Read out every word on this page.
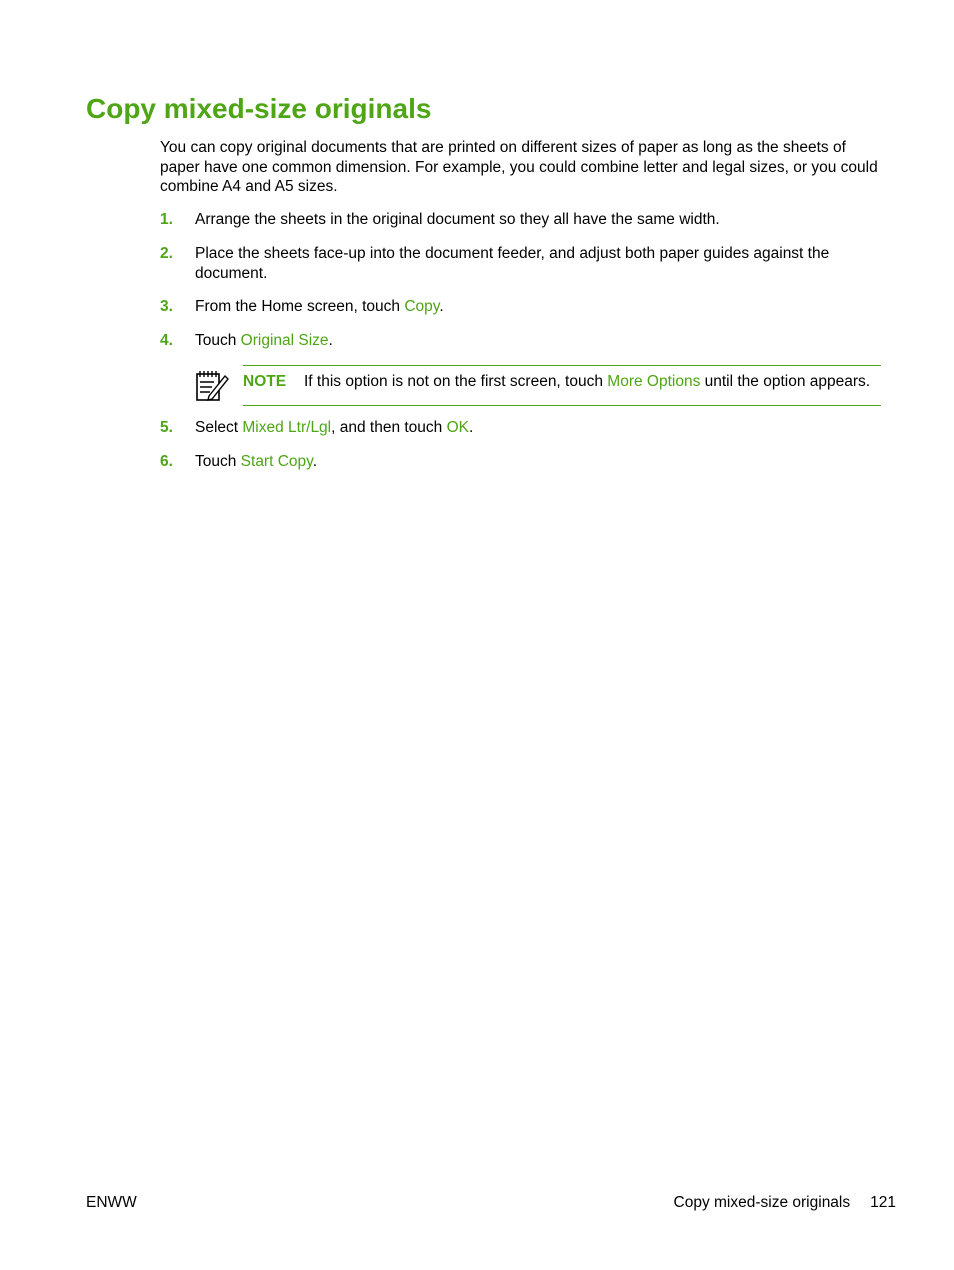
Copy mixed-size originals

You can copy original documents that are printed on different sizes of paper as long as the sheets of paper have one common dimension. For example, you could combine letter and legal sizes, or you could combine A4 and A5 sizes.

1. Arrange the sheets in the original document so they all have the same width.
2. Place the sheets face-up into the document feeder, and adjust both paper guides against the document.
3. From the Home screen, touch Copy.
4. Touch Original Size.
NOTE If this option is not on the first screen, touch More Options until the option appears.
5. Select Mixed Ltr/Lgl, and then touch OK.
6. Touch Start Copy.
ENWW	Copy mixed-size originals 121
